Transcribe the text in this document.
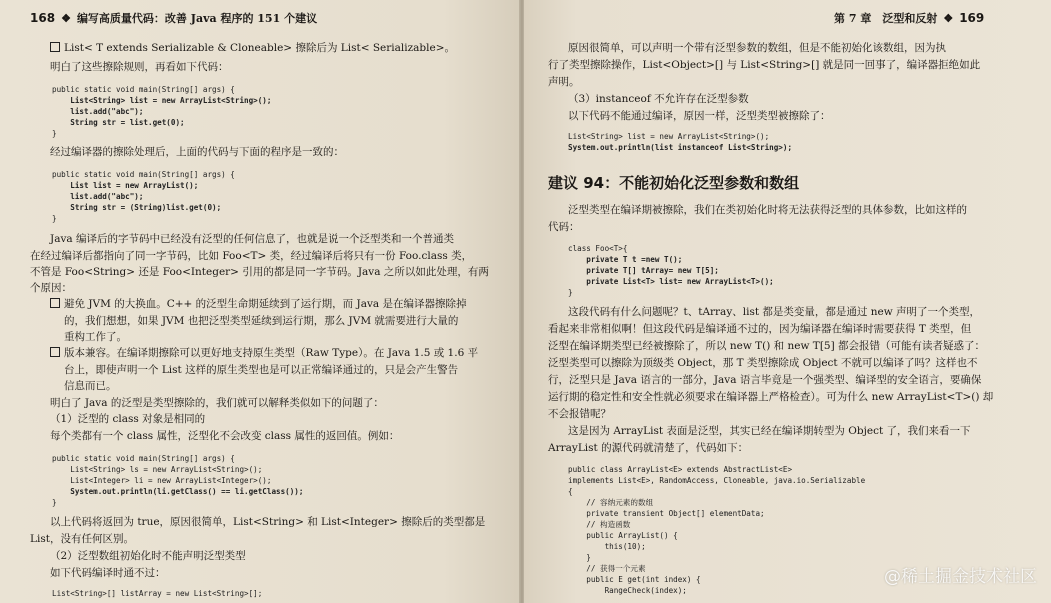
168 ❖ 编写高质量代码：改善 Java 程序的 151 个建议
List< T extends Serializable & Cloneable> 擦除后为 List< Serializable>。
明白了这些擦除规则，再看如下代码：
public static void main(String[] args) {
List<String> list = new ArrayList<String>();
list.add("abc");
String str = list.get(0);
}
经过编译器的擦除处理后，上面的代码与下面的程序是一致的：
public static void main(String[] args) {
List list = new ArrayList();
list.add("abc");
String str = (String)list.get(0);
}
Java 编译后的字节码中已经没有泛型的任何信息了，也就是说一个泛型类和一个普通类
在经过编译后都指向了同一字节码，比如 Foo<T> 类，经过编译后将只有一份 Foo.class 类，
不管是 Foo<String> 还是 Foo<Integer> 引用的都是同一字节码。Java 之所以如此处理，有两
个原因：
避免 JVM 的大换血。C++ 的泛型生命期延续到了运行期，而 Java 是在编译器擦除掉
的，我们想想，如果 JVM 也把泛型类型延续到运行期，那么 JVM 就需要进行大量的
重构工作了。
版本兼容。在编译期擦除可以更好地支持原生类型（Raw Type）。在 Java 1.5 或 1.6 平
台上，即使声明一个 List 这样的原生类型也是可以正常编译通过的，只是会产生警告
信息而已。
明白了 Java 的泛型是类型擦除的，我们就可以解释类似如下的问题了：
（1）泛型的 class 对象是相同的
每个类都有一个 class 属性，泛型化不会改变 class 属性的返回值。例如：
public static void main(String[] args) {
List<String> ls = new ArrayList<String>();
List<Integer> li = new ArrayList<Integer>();
System.out.println(li.getClass() == li.getClass());
}
以上代码将返回为 true，原因很简单，List<String> 和 List<Integer> 擦除后的类型都是
List，没有任何区别。
（2）泛型数组初始化时不能声明泛型类型
如下代码编译时通不过：
List<String>[] listArray = new List<String>[];
第 7 章　泛型和反射 ❖ 169
原因很简单，可以声明一个带有泛型参数的数组，但是不能初始化该数组，因为执
行了类型擦除操作，List<Object>[] 与 List<String>[] 就是同一回事了，编译器拒绝如此
声明。
（3）instanceof 不允许存在泛型参数
以下代码不能通过编译，原因一样，泛型类型被擦除了：
List<String> list = new ArrayList<String>();
System.out.println(list instanceof List<String>);
建议 94：不能初始化泛型参数和数组
泛型类型在编译期被擦除，我们在类初始化时将无法获得泛型的具体参数，比如这样的
代码：
class Foo<T>{
private T t =new T();
private T[] tArray= new T[5];
private List<T> list= new ArrayList<T>();
}
这段代码有什么问题呢？t、tArray、list 都是类变量，都是通过 new 声明了一个类型，
看起来非常相似啊！但这段代码是编译通不过的，因为编译器在编译时需要获得 T 类型，但
泛型在编译期类型已经被擦除了，所以 new T() 和 new T[5] 都会报错（可能有读者疑惑了：
泛型类型可以擦除为顶级类 Object，那 T 类型擦除成 Object 不就可以编译了吗？这样也不
行，泛型只是 Java 语言的一部分，Java 语言毕竟是一个强类型、编译型的安全语言，要确保
运行期的稳定性和安全性就必须要求在编译器上严格检查）。可为什么 new ArrayList<T>() 却
不会报错呢？
这是因为 ArrayList 表面是泛型，其实已经在编译期转型为 Object 了，我们来看一下
ArrayList 的源代码就清楚了，代码如下：
public class ArrayList<E> extends AbstractList<E>
implements List<E>, RandomAccess, Cloneable, java.io.Serializable
{
// 容纳元素的数组
private transient Object[] elementData;
// 构造函数
public ArrayList() {
this(10);
}
// 获得一个元素
public E get(int index) {
RangeCheck(index);
@稀土掘金技术社区
